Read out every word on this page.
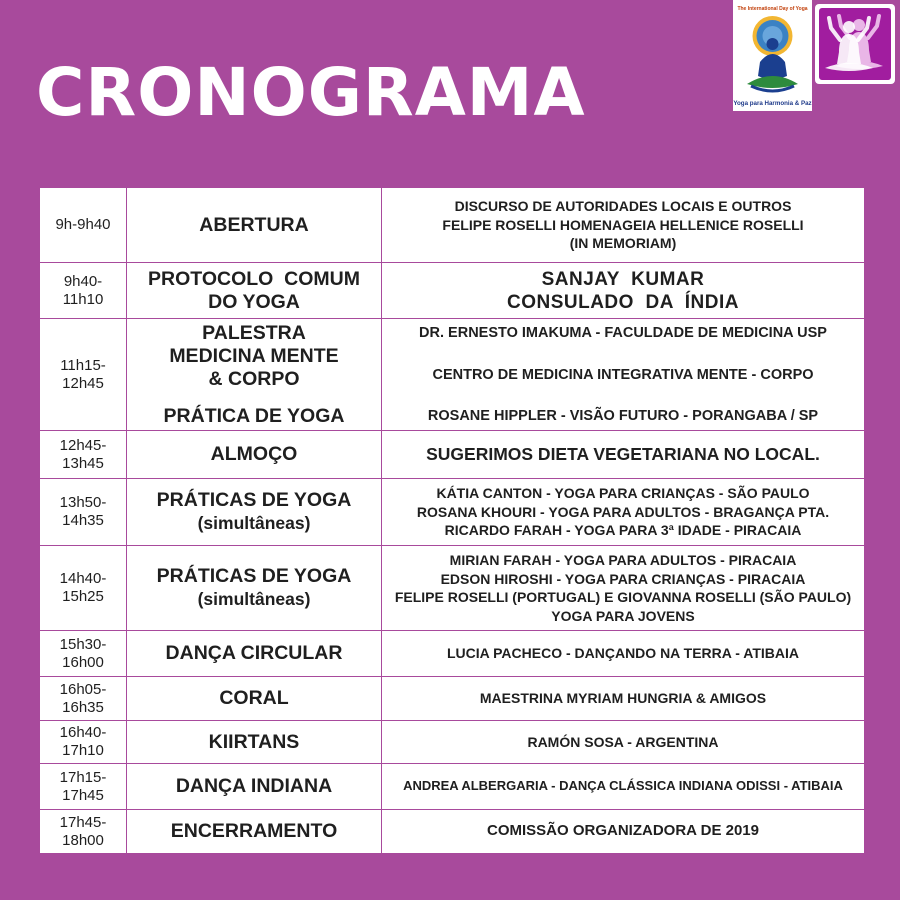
CRONOGRAMA
The International Day of Yoga
Yoga para Harmonia & Paz
9h-9h40	ABERTURA	DISCURSO DE AUTORIDADES LOCAIS E OUTROS
FELIPE ROSELLI HOMENAGEIA HELLENICE ROSELLI
(IN MEMORIAM)

9h40-
11h10	PROTOCOLO  COMUM
DO YOGA	SANJAY  KUMAR
CONSULADO  DA  ÍNDIA

11h15-
12h45	PALESTRA
MEDICINA MENTE
& CORPO
PRÁTICA DE YOGA	DR. ERNESTO IMAKUMA - FACULDADE DE MEDICINA USP
CENTRO DE MEDICINA INTEGRATIVA MENTE - CORPO
ROSANE HIPPLER - VISÃO FUTURO - PORANGABA / SP

12h45-
13h45	ALMOÇO	SUGERIMOS DIETA VEGETARIANA NO LOCAL.

13h50-
14h35	PRÁTICAS DE YOGA
(simultâneas)	KÁTIA CANTON - YOGA PARA CRIANÇAS - SÃO PAULO
ROSANA KHOURI - YOGA PARA ADULTOS - BRAGANÇA PTA.
RICARDO FARAH - YOGA PARA 3ª IDADE - PIRACAIA

14h40-
15h25	PRÁTICAS DE YOGA
(simultâneas)	MIRIAN FARAH - YOGA PARA ADULTOS - PIRACAIA
EDSON HIROSHI - YOGA PARA CRIANÇAS - PIRACAIA
FELIPE ROSELLI (PORTUGAL) E GIOVANNA ROSELLI (SÃO PAULO)
YOGA PARA JOVENS

15h30-
16h00	DANÇA CIRCULAR	LUCIA PACHECO - DANÇANDO NA TERRA - ATIBAIA

16h05-
16h35	CORAL	MAESTRINA MYRIAM HUNGRIA & AMIGOS

16h40-
17h10	KIIRTANS	RAMÓN SOSA - ARGENTINA

17h15-
17h45	DANÇA INDIANA	ANDREA ALBERGARIA - DANÇA CLÁSSICA INDIANA ODISSI - ATIBAIA

17h45-
18h00	ENCERRAMENTO	COMISSÃO ORGANIZADORA DE 2019
